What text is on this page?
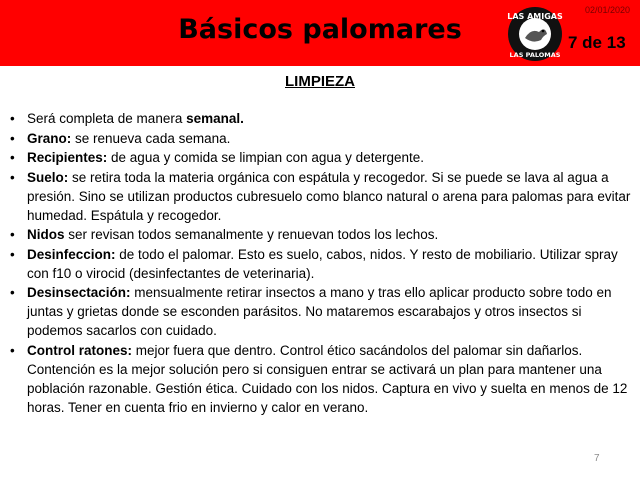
Básicos palomares	LAS AMIGAS
LAS PALOMAS
02/01/2020
7 de 13
LIMPIEZA
• Será completa de manera semanal.
• Grano: se renueva cada semana.
• Recipientes: de agua y comida se limpian con agua y detergente.
• Suelo: se retira toda la materia orgánica con espátula y recogedor. Si se puede se lava al agua a presión. Sino se utilizan productos cubresuelo como blanco natural o arena para palomas para evitar humedad. Espátula y recogedor.
• Nidos ser revisan todos semanalmente y renuevan todos los lechos.
• Desinfeccion: de todo el palomar. Esto es suelo, cabos, nidos. Y resto de mobiliario. Utilizar spray con f10 o virocid (desinfectantes de veterinaria).
• Desinsectación: mensualmente retirar insectos a mano y tras ello aplicar producto sobre todo en juntas y grietas donde se esconden parásitos. No mataremos escarabajos y otros insectos si podemos sacarlos con cuidado.
• Control ratones: mejor fuera que dentro. Control ético sacándolos del palomar sin dañarlos. Contención es la mejor solución pero si consiguen entrar se activará un plan para mantener una población razonable. Gestión ética. Cuidado con los nidos. Captura en vivo y suelta en menos de 12 horas. Tener en cuenta frio en invierno y calor en verano.
7
